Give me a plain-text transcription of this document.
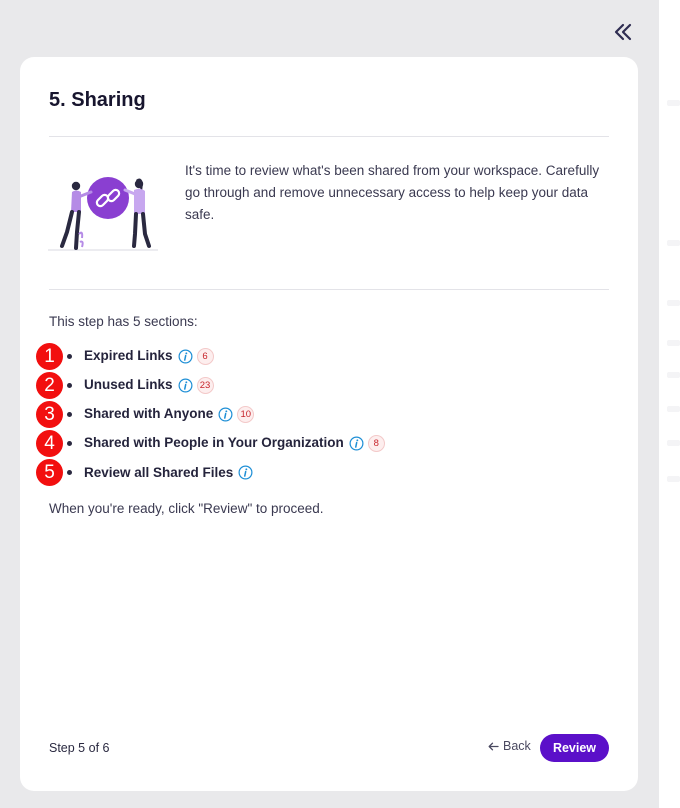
5. Sharing

It's time to review what's been shared from your workspace. Carefully go through and remove unnecessary access to help keep your data safe.

This step has 5 sections:
1	Expired Links	6
2	Unused Links	23
3	Shared with Anyone	10
4	Shared with People in Your Organization	8
5	Review all Shared Files
When you're ready, click "Review" to proceed.
Step 5 of 6	Back	Review
